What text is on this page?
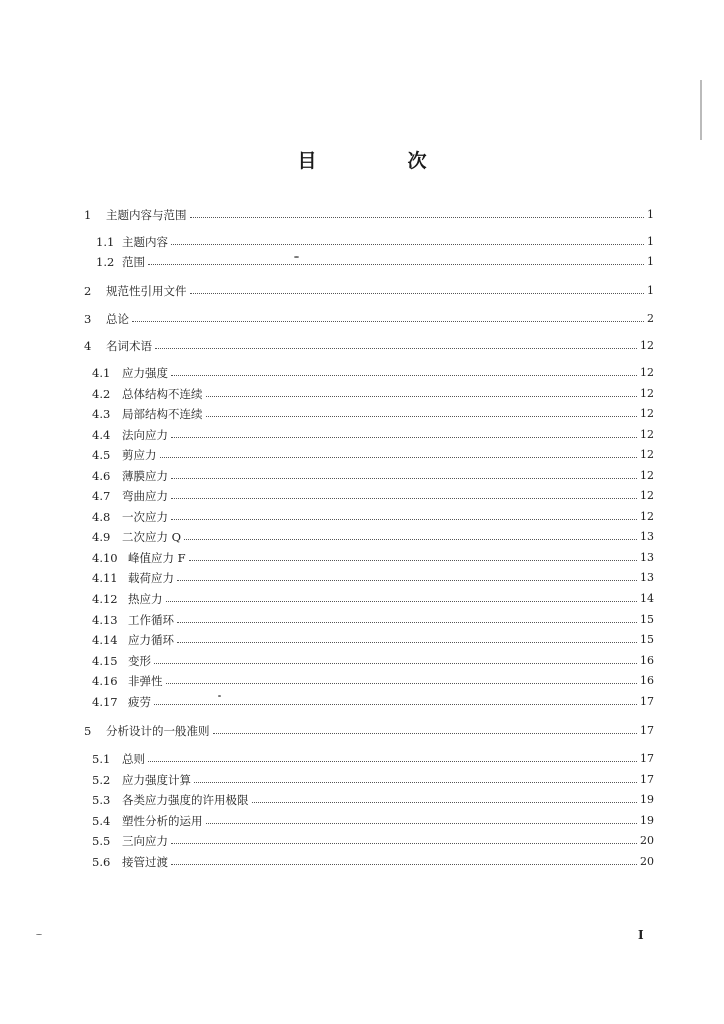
目　次
1	主题内容与范围	1
1.1 主题内容	1
1.2 范围	1
2	规范性引用文件	1
3	总论	2
4	名词术语	12
4.1	应力强度	12
4.2	总体结构不连续	12
4.3	局部结构不连续	12
4.4	法向应力	12
4.5	剪应力	12
4.6	薄膜应力	12
4.7	弯曲应力	12
4.8	一次应力	12
4.9	二次应力 Q	13
4.10 峰值应力 F	13
4.11 载荷应力	13
4.12 热应力	14
4.13 工作循环	15
4.14 应力循环	15
4.15 变形	16
4.16 非弹性	16
4.17 疲劳	17
5	分析设计的一般准则	17
5.1	总则	17
5.2	应力强度计算	17
5.3	各类应力强度的许用极限	19
5.4	塑性分析的运用	19
5.5	三向应力	20
5.6	接管过渡	20
I
